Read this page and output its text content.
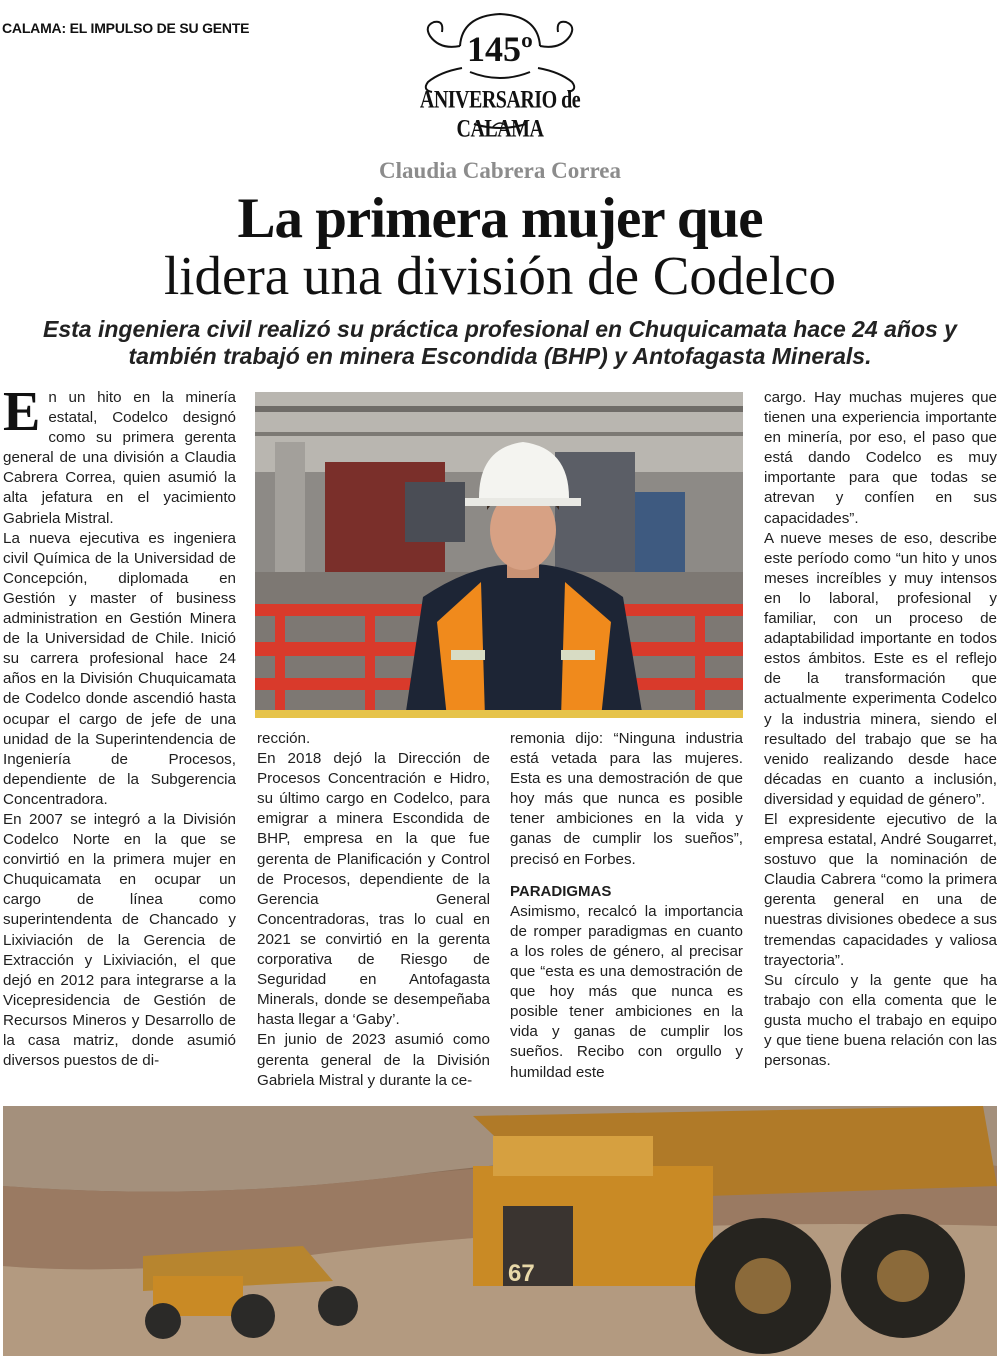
CALAMA: EL IMPULSO DE SU GENTE
145º
ANIVERSARIO de CALAMA
Claudia Cabrera Correa
La primera mujer que
lidera una división de Codelco
Esta ingeniera civil realizó su práctica profesional en Chuquicamata hace 24 años y
también trabajó en minera Escondida (BHP) y Antofagasta Minerals.

En un hito en la minería estatal, Codelco designó como su primera gerenta general de una división a Claudia Cabrera Correa, quien asumió la alta jefatura en el yacimiento Gabriela Mistral.

La nueva ejecutiva es ingeniera civil Química de la Universidad de Concepción, diplomada en Gestión y master of business administration en Gestión Minera de la Universidad de Chile. Inició su carrera profesional hace 24 años en la División Chuquicamata de Codelco donde ascendió hasta ocupar el cargo de jefe de una unidad de la Superintendencia de Ingeniería de Procesos, dependiente de la Subgerencia Concentradora.

En 2007 se integró a la División Codelco Norte en la que se convirtió en la primera mujer en Chuquicamata en ocupar un cargo de línea como superintendenta de Chancado y Lixiviación de la Gerencia de Extracción y Lixiviación, el que dejó en 2012 para integrarse a la Vicepresidencia de Gestión de Recursos Mineros y Desarrollo de la casa matriz, donde asumió diversos puestos de di-

rección.

En 2018 dejó la Dirección de Procesos Concentración e Hidro, su último cargo en Codelco, para emigrar a minera Escondida de BHP, empresa en la que fue gerenta de Planificación y Control de Procesos, dependiente de la Gerencia General Concentradoras, tras lo cual en 2021 se convirtió en la gerenta corporativa de Riesgo de Seguridad en Antofagasta Minerals, donde se desempeñaba hasta llegar a ‘Gaby’.

En junio de 2023 asumió como gerenta general de la División Gabriela Mistral y durante la ce-

remonia dijo: “Ninguna industria está vetada para las mujeres. Esta es una demostración de que hoy más que nunca es posible tener ambiciones en la vida y ganas de cumplir los sueños”, precisó en Forbes.

PARADIGMAS

Asimismo, recalcó la importancia de romper paradigmas en cuanto a los roles de género, al precisar que “esta es una demostración de que hoy más que nunca es posible tener ambiciones en la vida y ganas de cumplir los sueños. Recibo con orgullo y humildad este

cargo. Hay muchas mujeres que tienen una experiencia importante en minería, por eso, el paso que está dando Codelco es muy importante para que todas se atrevan y confíen en sus capacidades”.

A nueve meses de eso, describe este período como “un hito y unos meses increíbles y muy intensos en lo laboral, profesional y familiar, con un proceso de adaptabilidad importante en todos estos ámbitos. Este es el reflejo de la transformación que actualmente experimenta Codelco y la industria minera, siendo el resultado del trabajo que se ha venido realizando desde hace décadas en cuanto a inclusión, diversidad y equidad de género”.

El expresidente ejecutivo de la empresa estatal, André Sougarret, sostuvo que la nominación de Claudia Cabrera “como la primera gerenta general en una de nuestras divisiones obedece a sus tremendas capacidades y valiosa trayectoria”.

Su círculo y la gente que ha trabajo con ella comenta que le gusta mucho el trabajo en equipo y que tiene buena relación con las personas.

67
